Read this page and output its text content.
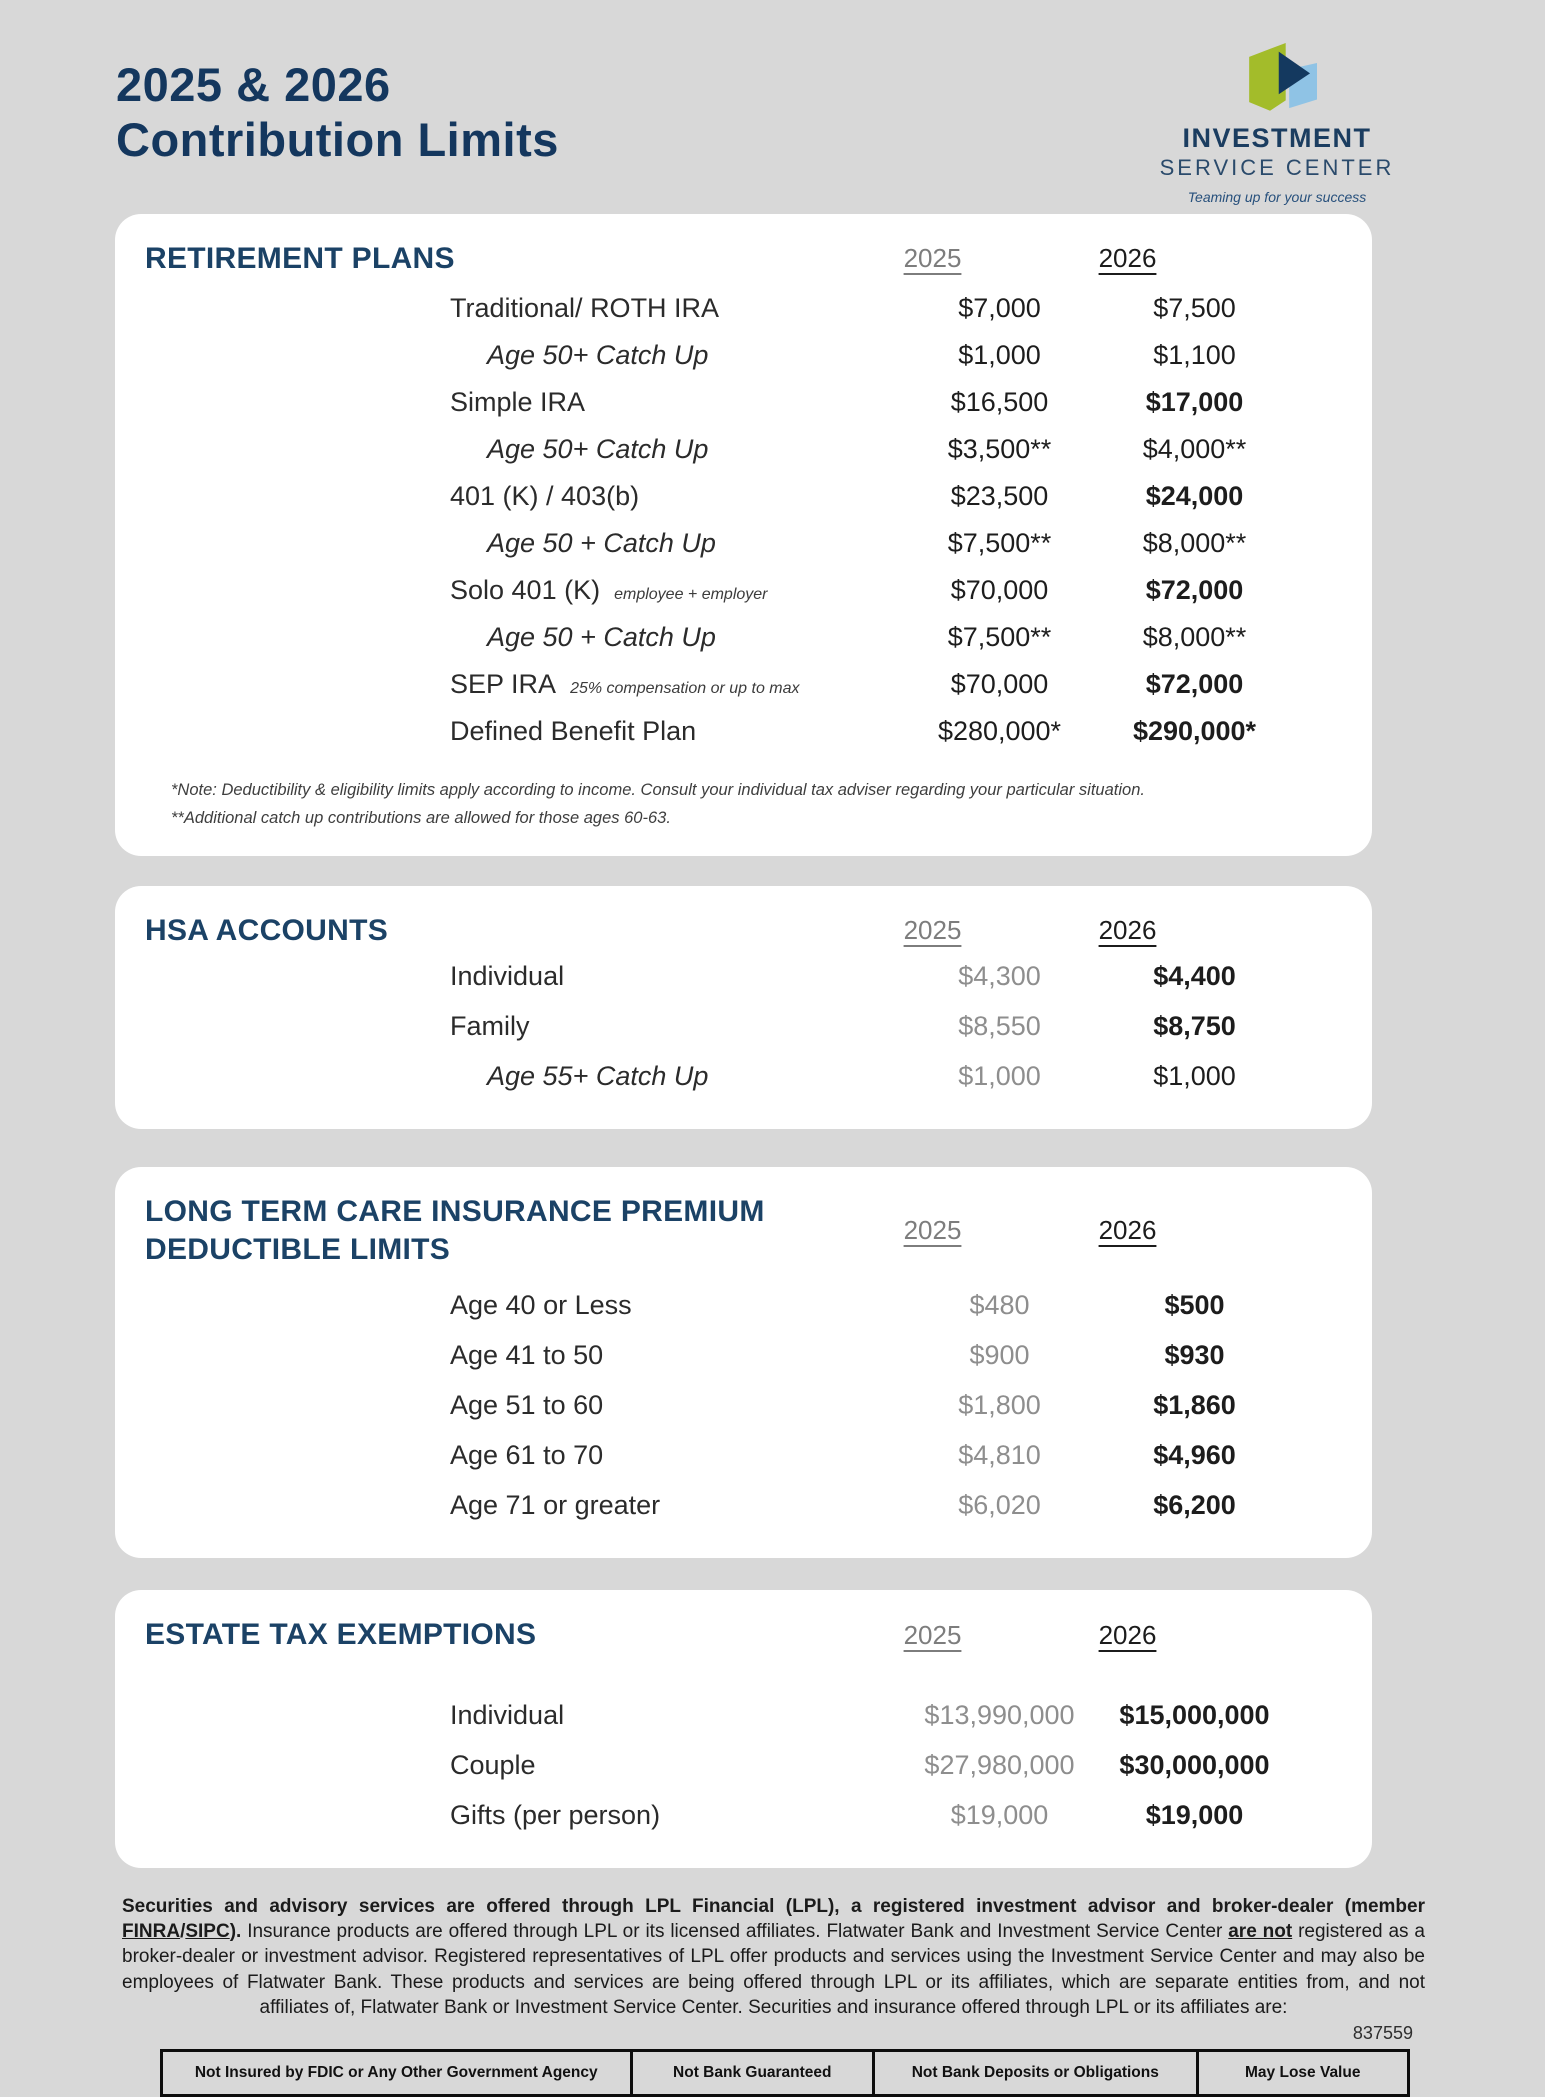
2025 & 2026
Contribution Limits	INVESTMENT
SERVICE CENTER
Teaming up for your success
RETIREMENT PLANS	2025	2026
Traditional/ ROTH IRA	$7,000	$7,500
Age 50+ Catch Up	$1,000	$1,100
Simple IRA	$16,500	$17,000
Age 50+ Catch Up	$3,500**	$4,000**
401 (K) / 403(b)	$23,500	$24,000
Age 50 + Catch Up	$7,500**	$8,000**
Solo 401 (K) employee + employer	$70,000	$72,000
Age 50 + Catch Up	$7,500**	$8,000**
SEP IRA 25% compensation or up to max	$70,000	$72,000
Defined Benefit Plan	$280,000*	$290,000*
*Note: Deductibility & eligibility limits apply according to income. Consult your individual tax adviser regarding your particular situation.
**Additional catch up contributions are allowed for those ages 60-63.
HSA ACCOUNTS	2025	2026
Individual	$4,300	$4,400
Family	$8,550	$8,750
Age 55+ Catch Up	$1,000	$1,000
LONG TERM CARE INSURANCE PREMIUM DEDUCTIBLE LIMITS
2025	2026
Age 40 or Less	$480	$500
Age 41 to 50	$900	$930
Age 51 to 60	$1,800	$1,860
Age 61 to 70	$4,810	$4,960
Age 71 or greater	$6,020	$6,200
ESTATE TAX EXEMPTIONS	2025	2026
Individual	$13,990,000	$15,000,000
Couple	$27,980,000	$30,000,000
Gifts (per person)	$19,000	$19,000
Securities and advisory services are offered through LPL Financial (LPL), a registered investment advisor and broker-dealer (member FINRA/SIPC). Insurance products are offered through LPL or its licensed affiliates. Flatwater Bank and Investment Service Center are not registered as a broker-dealer or investment advisor. Registered representatives of LPL offer products and services using the Investment Service Center and may also be employees of Flatwater Bank. These products and services are being offered through LPL or its affiliates, which are separate entities from, and not affiliates of, Flatwater Bank or Investment Service Center. Securities and insurance offered through LPL or its affiliates are:
837559
Not Insured by FDIC or Any Other Government Agency	Not Bank Guaranteed	Not Bank Deposits or Obligations	May Lose Value
